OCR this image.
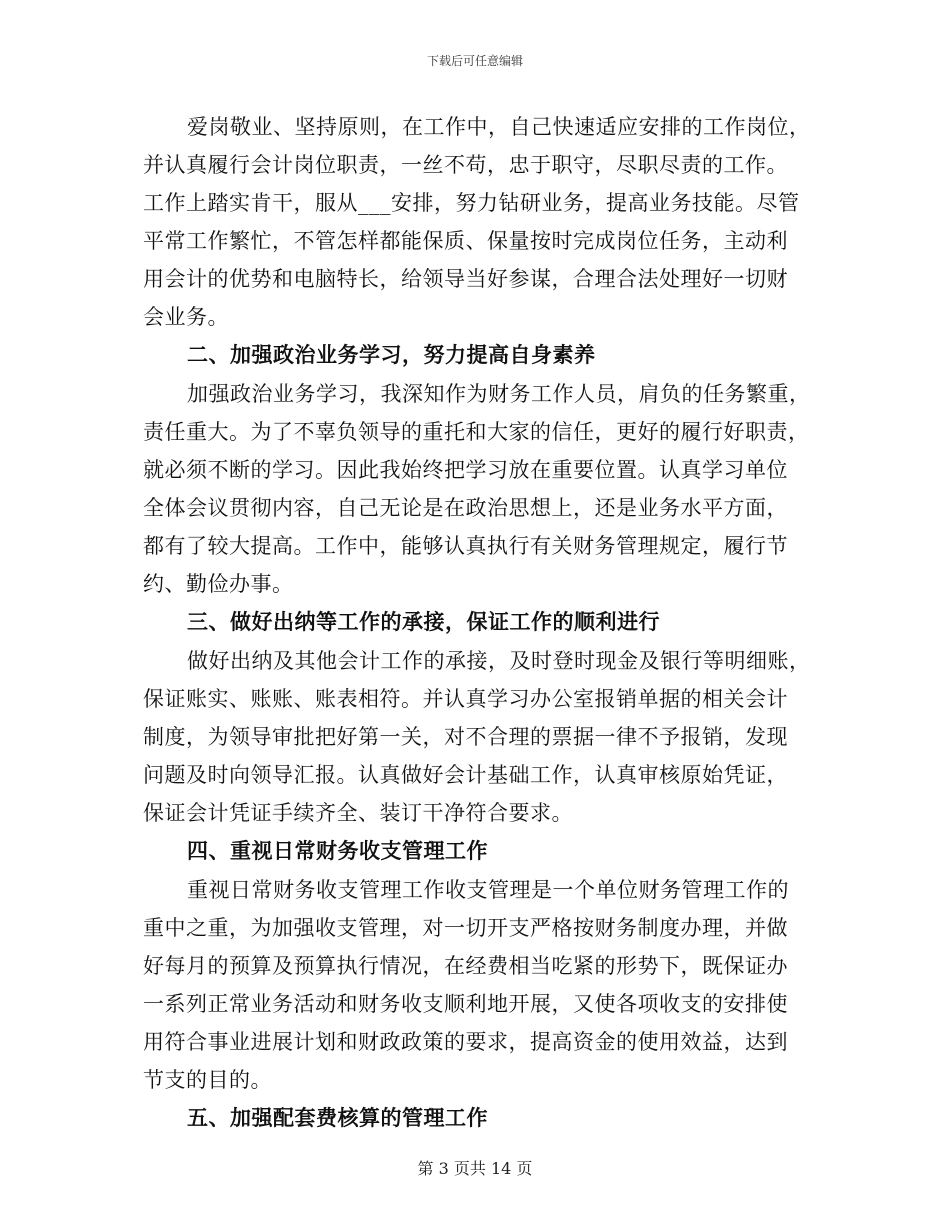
下载后可任意编辑
爱岗敬业、坚持原则，在工作中，自己快速适应安排的工作岗位，
并认真履行会计岗位职责，一丝不苟，忠于职守，尽职尽责的工作。
工作上踏实肯干，服从___安排，努力钻研业务，提高业务技能。尽管
平常工作繁忙，不管怎样都能保质、保量按时完成岗位任务，主动利
用会计的优势和电脑特长，给领导当好参谋，合理合法处理好一切财
会业务。
二、加强政治业务学习，努力提高自身素养
加强政治业务学习，我深知作为财务工作人员，肩负的任务繁重，
责任重大。为了不辜负领导的重托和大家的信任，更好的履行好职责，
就必须不断的学习。因此我始终把学习放在重要位置。认真学习单位
全体会议贯彻内容，自己无论是在政治思想上，还是业务水平方面，
都有了较大提高。工作中，能够认真执行有关财务管理规定，履行节
约、勤俭办事。
三、做好出纳等工作的承接，保证工作的顺利进行
做好出纳及其他会计工作的承接，及时登时现金及银行等明细账，
保证账实、账账、账表相符。并认真学习办公室报销单据的相关会计
制度，为领导审批把好第一关，对不合理的票据一律不予报销，发现
问题及时向领导汇报。认真做好会计基础工作，认真审核原始凭证，
保证会计凭证手续齐全、装订干净符合要求。
四、重视日常财务收支管理工作
重视日常财务收支管理工作收支管理是一个单位财务管理工作的
重中之重，为加强收支管理，对一切开支严格按财务制度办理，并做
好每月的预算及预算执行情况，在经费相当吃紧的形势下，既保证办
一系列正常业务活动和财务收支顺利地开展，又使各项收支的安排使
用符合事业进展计划和财政政策的要求，提高资金的使用效益，达到
节支的目的。
五、加强配套费核算的管理工作
第 3 页共 14 页
